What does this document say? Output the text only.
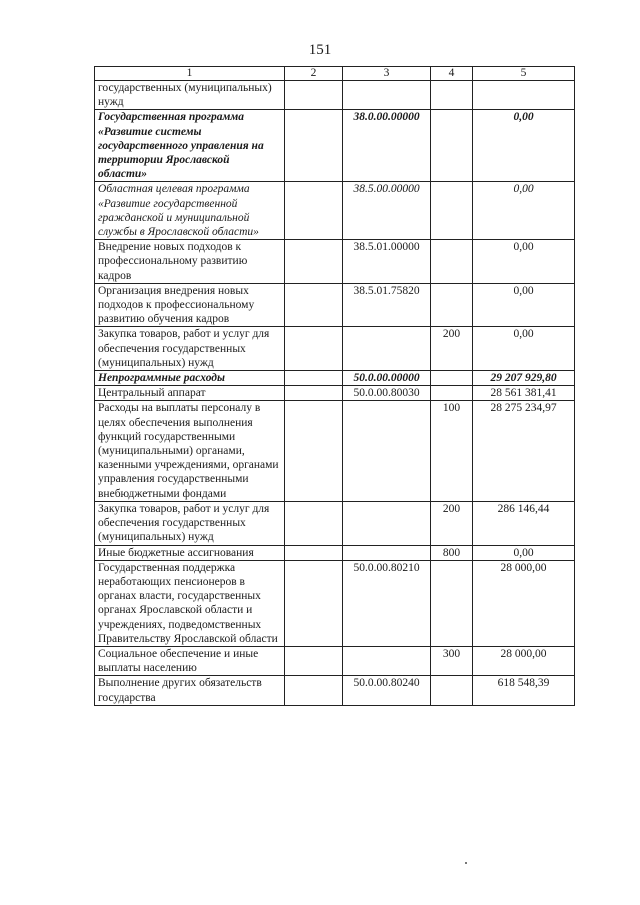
151
1	2	3	4	5
государственных (муниципальных) нужд				
Государственная программа «Развитие системы государственного управления на территории Ярославской области»		38.0.00.00000		0,00
Областная целевая программа «Развитие государственной гражданской и муниципальной службы в Ярославской области»		38.5.00.00000		0,00
Внедрение новых подходов к профессиональному развитию кадров		38.5.01.00000		0,00
Организация внедрения новых подходов к профессиональному развитию обучения кадров		38.5.01.75820		0,00
Закупка товаров, работ и услуг для обеспечения государственных (муниципальных) нужд			200	0,00
Непрограммные расходы		50.0.00.00000		29 207 929,80
Центральный аппарат		50.0.00.80030		28 561 381,41
Расходы на выплаты персоналу в целях обеспечения выполнения функций государственными (муниципальными) органами, казенными учреждениями, органами управления государственными внебюджетными фондами			100	28 275 234,97
Закупка товаров, работ и услуг для обеспечения государственных (муниципальных) нужд			200	286 146,44
Иные бюджетные ассигнования			800	0,00
Государственная поддержка неработающих пенсионеров в органах власти, государственных органах Ярославской области и учреждениях, подведомственных Правительству Ярославской области		50.0.00.80210		28 000,00
Социальное обеспечение и иные выплаты населению			300	28 000,00
Выполнение других обязательств государства		50.0.00.80240		618 548,39
